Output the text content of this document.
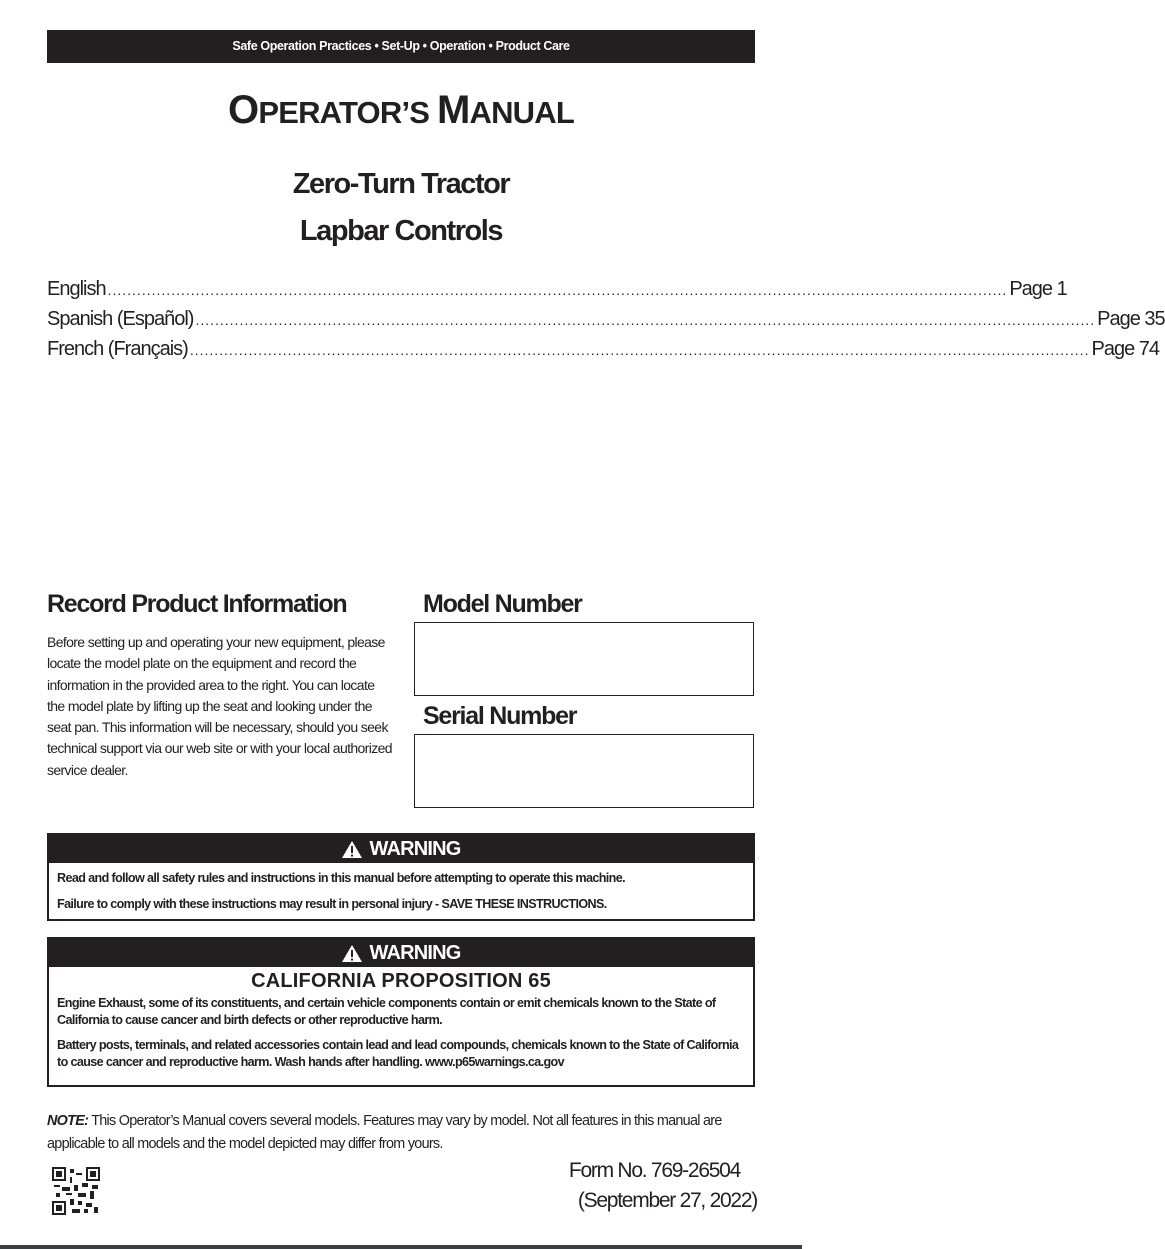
Safe Operation Practices • Set-Up • Operation • Product Care
OPERATOR’S MANUAL
Zero-Turn Tractor
Lapbar Controls
English ........................................................................................................................................................................................ Page 1
Spanish (Español) ........................................................................................................................................................................................ Page 35
French (Français) ........................................................................................................................................................................................ Page 74
Record Product Information
Before setting up and operating your new equipment, please locate the model plate on the equipment and record the information in the provided area to the right. You can locate the model plate by lifting up the seat and looking under the seat pan. This information will be necessary, should you seek technical support via our web site or with your local authorized service dealer.
Model Number
Serial Number
WARNING
Read and follow all safety rules and instructions in this manual before attempting to operate this machine.
Failure to comply with these instructions may result in personal injury - SAVE THESE INSTRUCTIONS.
WARNING
CALIFORNIA PROPOSITION 65
Engine Exhaust, some of its constituents, and certain vehicle components contain or emit chemicals known to the State of California to cause cancer and birth defects or other reproductive harm.
Battery posts, terminals, and related accessories contain lead and lead compounds, chemicals known to the State of California to cause cancer and reproductive harm. Wash hands after handling. www.p65warnings.ca.gov
NOTE: This Operator’s Manual covers several models. Features may vary by model. Not all features in this manual are applicable to all models and the model depicted may differ from yours.
Form No. 769-26504
(September 27, 2022)
